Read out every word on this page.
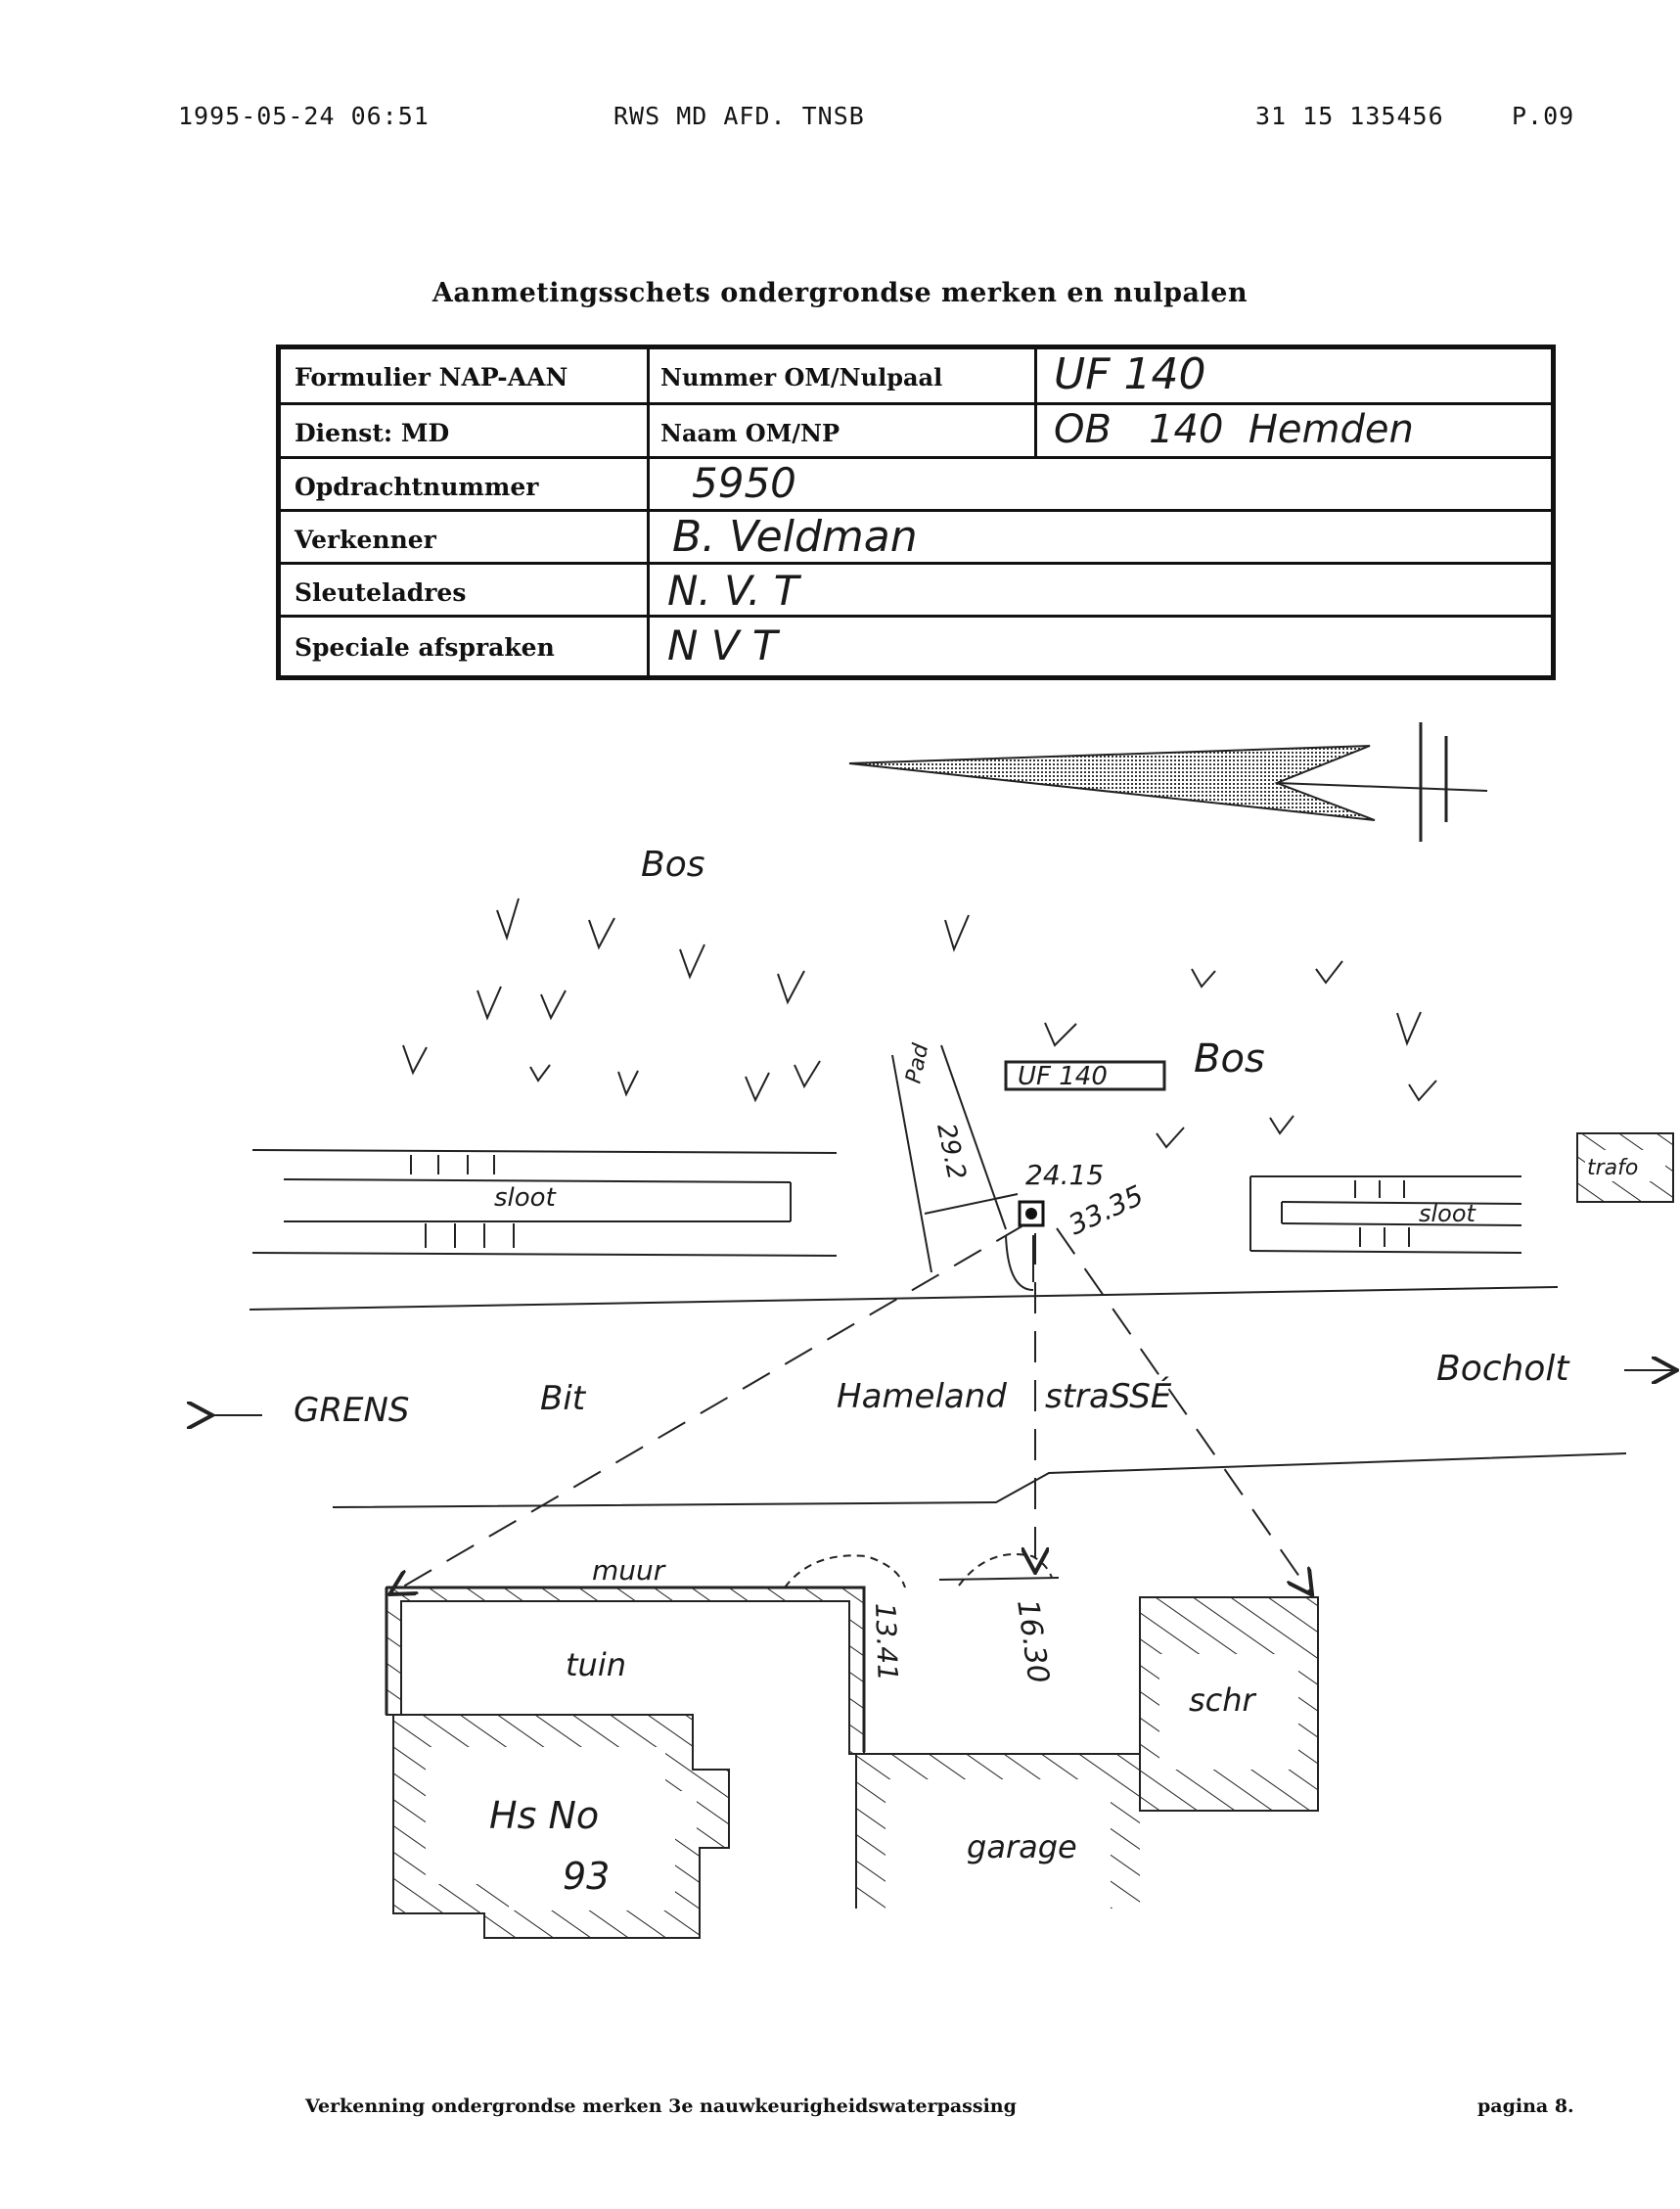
1995-05-24 06:51	RWS MD AFD. TNSB	31 15 135456	P.09
Aanmetingsschets ondergrondse merken en nulpalen
Formulier NAP-AAN	Nummer OM/Nulpaal	UF 140
Dienst: MD	Naam OM/NP	OB   140  Hemden
Opdrachtnummer	5950
Verkenner	B. Veldman
Sleuteladres	N. V. T
Speciale afspraken	N V T
Bos
Bos
UF 140
Pad
29.2 24.15
33.35
sloot
sloot
trafo
GRENS
Bocholt
Bit	Hameland straSSÉ
muur
tuin	13.41	16.30
Hs No
93
garage
schr
Verkenning ondergrondse merken 3e nauwkeurigheidswaterpassing	pagina 8.
